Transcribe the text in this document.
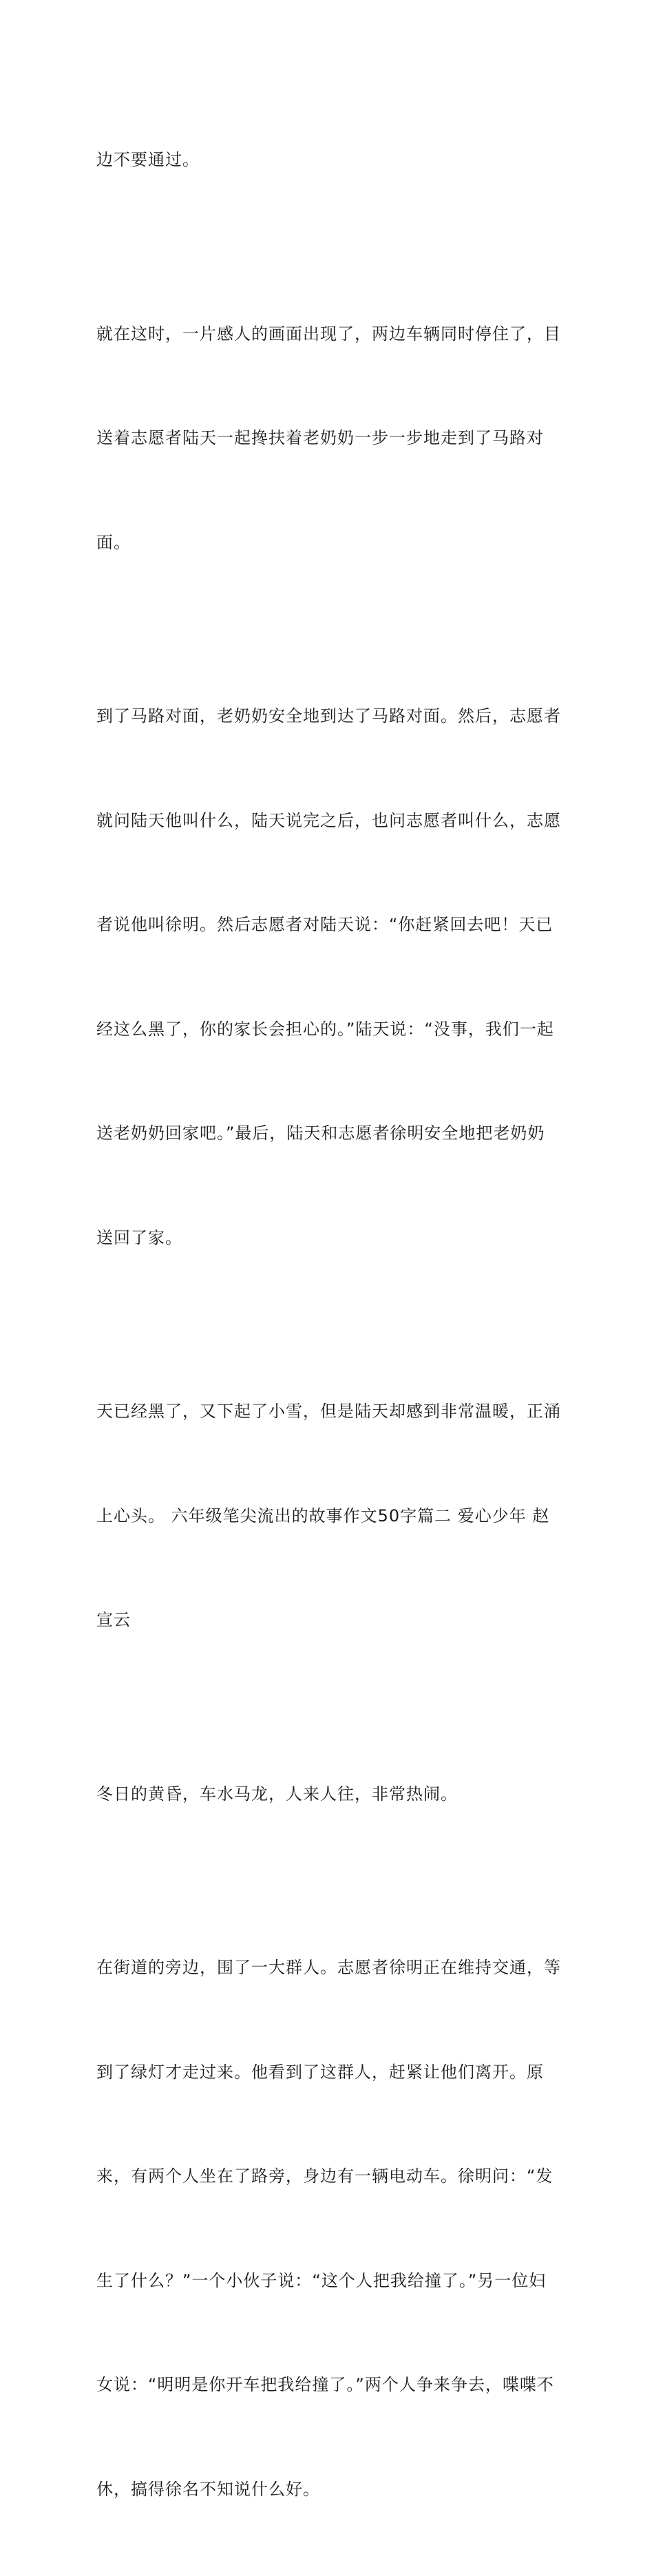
边不要通过。

就在这时，一片感人的画面出现了，两边车辆同时停住了，目

送着志愿者陆天一起搀扶着老奶奶一步一步地走到了马路对

面。

到了马路对面，老奶奶安全地到达了马路对面。然后，志愿者

就问陆天他叫什么，陆天说完之后，也问志愿者叫什么，志愿

者说他叫徐明。然后志愿者对陆天说：“你赶紧回去吧！天已

经这么黑了，你的家长会担心的。”陆天说：“没事，我们一起

送老奶奶回家吧。”最后，陆天和志愿者徐明安全地把老奶奶

送回了家。

天已经黑了，又下起了小雪，但是陆天却感到非常温暖，正涌

上心头。 六年级笔尖流出的故事作文50字篇二 爱心少年 赵

宣云

冬日的黄昏，车水马龙，人来人往，非常热闹。

在街道的旁边，围了一大群人。志愿者徐明正在维持交通，等

到了绿灯才走过来。他看到了这群人，赶紧让他们离开。原

来，有两个人坐在了路旁，身边有一辆电动车。徐明问：“发

生了什么？”一个小伙子说：“这个人把我给撞了。”另一位妇

女说：“明明是你开车把我给撞了。”两个人争来争去，喋喋不

休，搞得徐名不知说什么好。
